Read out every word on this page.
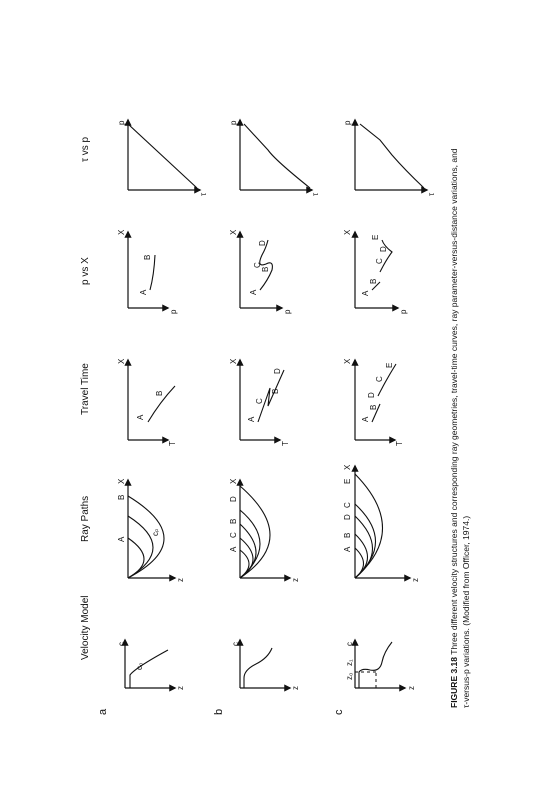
Velocity Model
Ray Paths
Travel Time
p vs X
τ vs p
a	b	c
c
z
c₀
X
z
A
B
cₚ
X
T
A
B
X
p
A
B
p
τ
c
z
X
z
A
C
B
D
X
T
A
C
B
D
X
p
A
B
C
D
p
τ
c
z
z₀
z₁
X
z
A
B
D
C
E
X
T
A
B
D
C
E
X
p
A
B
C
D
E
p
τ
FIGURE 3.18 Three different velocity structures and corresponding ray geometries, travel-time curves, ray parameter-versus-distance variations, and τ-versus-p variations. (Modified from Officer, 1974.)
